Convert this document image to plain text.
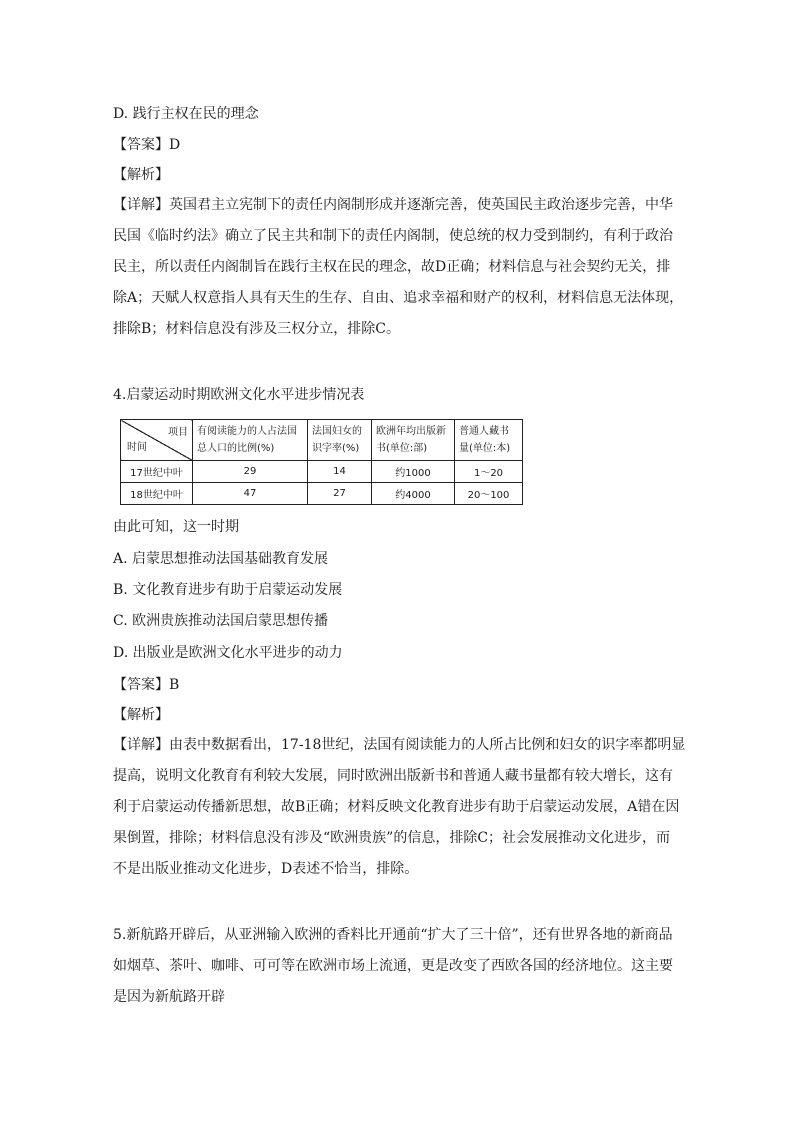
D. 践行主权在民的理念
【答案】D
【解析】
【详解】英国君主立宪制下的责任内阁制形成并逐渐完善，使英国民主政治逐步完善，中华
民国《临时约法》确立了民主共和制下的责任内阁制，使总统的权力受到制约，有利于政治
民主，所以责任内阁制旨在践行主权在民的理念，故D正确；材料信息与社会契约无关，排
除A；天赋人权意指人具有天生的生存、自由、追求幸福和财产的权利，材料信息无法体现，
排除B；材料信息没有涉及三权分立，排除C。
4.启蒙运动时期欧洲文化水平进步情况表
项目
时间	有阅读能力的人占法国总人口的比例(%)	法国妇女的识字率(%)	欧洲年均出版新书(单位:部)	普通人藏书量(单位:本)
17世纪中叶	29	14	约1000	1～20
18世纪中叶	47	27	约4000	20～100
由此可知，这一时期
A. 启蒙思想推动法国基础教育发展
B. 文化教育进步有助于启蒙运动发展
C. 欧洲贵族推动法国启蒙思想传播
D. 出版业是欧洲文化水平进步的动力
【答案】B
【解析】
【详解】由表中数据看出，17-18世纪，法国有阅读能力的人所占比例和妇女的识字率都明显
提高，说明文化教育有利较大发展，同时欧洲出版新书和普通人藏书量都有较大增长，这有
利于启蒙运动传播新思想，故B正确；材料反映文化教育进步有助于启蒙运动发展，A错在因
果倒置，排除；材料信息没有涉及“欧洲贵族”的信息，排除C；社会发展推动文化进步，而
不是出版业推动文化进步，D表述不恰当，排除。
5.新航路开辟后，从亚洲输入欧洲的香料比开通前“扩大了三十倍”，还有世界各地的新商品
如烟草、茶叶、咖啡、可可等在欧洲市场上流通，更是改变了西欧各国的经济地位。这主要
是因为新航路开辟
